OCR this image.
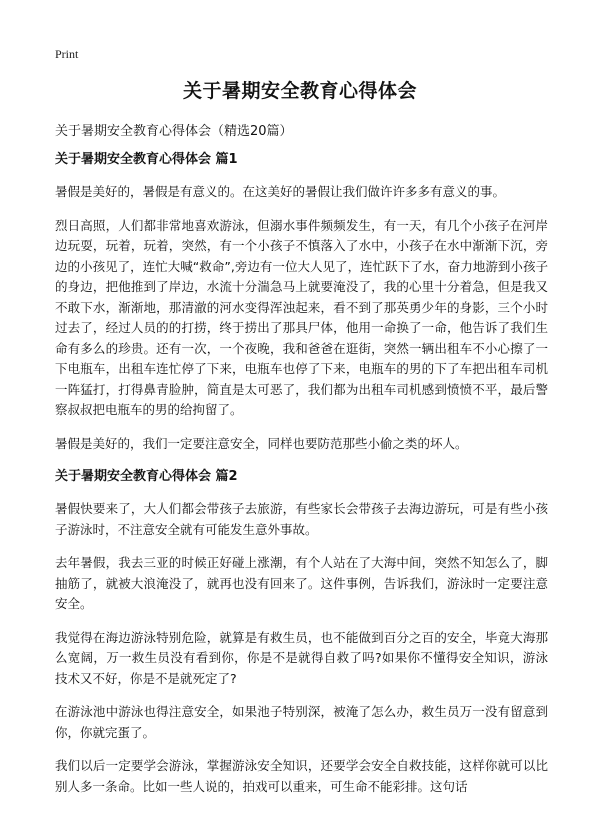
Print
关于暑期安全教育心得体会
关于暑期安全教育心得体会（精选20篇）
关于暑期安全教育心得体会 篇1

暑假是美好的，暑假是有意义的。在这美好的暑假让我们做许许多多有意义的事。

烈日高照，人们都非常地喜欢游泳，但溺水事件频频发生，有一天，有几个小孩子在河岸边玩耍，玩着，玩着，突然，有一个小孩子不慎落入了水中，小孩子在水中渐渐下沉，旁边的小孩见了，连忙大喊“救命”,旁边有一位大人见了，连忙跃下了水，奋力地游到小孩子的身边，把他推到了岸边，水流十分湍急马上就要淹没了，我的心里十分着急，但是我又不敢下水，渐渐地，那清澈的河水变得浑浊起来，看不到了那英勇少年的身影，三个小时过去了，经过人员的的打捞，终于捞出了那具尸体，他用一命换了一命，他告诉了我们生命有多么的珍贵。还有一次，一个夜晚，我和爸爸在逛街，突然一辆出租车不小心擦了一下电瓶车，出租车连忙停了下来，电瓶车也停了下来，电瓶车的男的下了车把出租车司机一阵猛打，打得鼻青脸肿，简直是太可恶了，我们都为出租车司机感到愤愤不平，最后警察叔叔把电瓶车的男的给拘留了。

暑假是美好的，我们一定要注意安全，同样也要防范那些小偷之类的坏人。

关于暑期安全教育心得体会 篇2

暑假快要来了，大人们都会带孩子去旅游，有些家长会带孩子去海边游玩，可是有些小孩子游泳时，不注意安全就有可能发生意外事故。

去年暑假，我去三亚的时候正好碰上涨潮，有个人站在了大海中间，突然不知怎么了，脚抽筋了，就被大浪淹没了，就再也没有回来了。这件事例，告诉我们，游泳时一定要注意安全。

我觉得在海边游泳特别危险，就算是有救生员，也不能做到百分之百的安全，毕竟大海那么宽阔，万一救生员没有看到你，你是不是就得自救了吗?如果你不懂得安全知识，游泳技术又不好，你是不是就死定了?

在游泳池中游泳也得注意安全，如果池子特别深，被淹了怎么办，救生员万一没有留意到你，你就完蛋了。

我们以后一定要学会游泳，掌握游泳安全知识，还要学会安全自救技能，这样你就可以比别人多一条命。比如一些人说的，拍戏可以重来，可生命不能彩排。这句话
